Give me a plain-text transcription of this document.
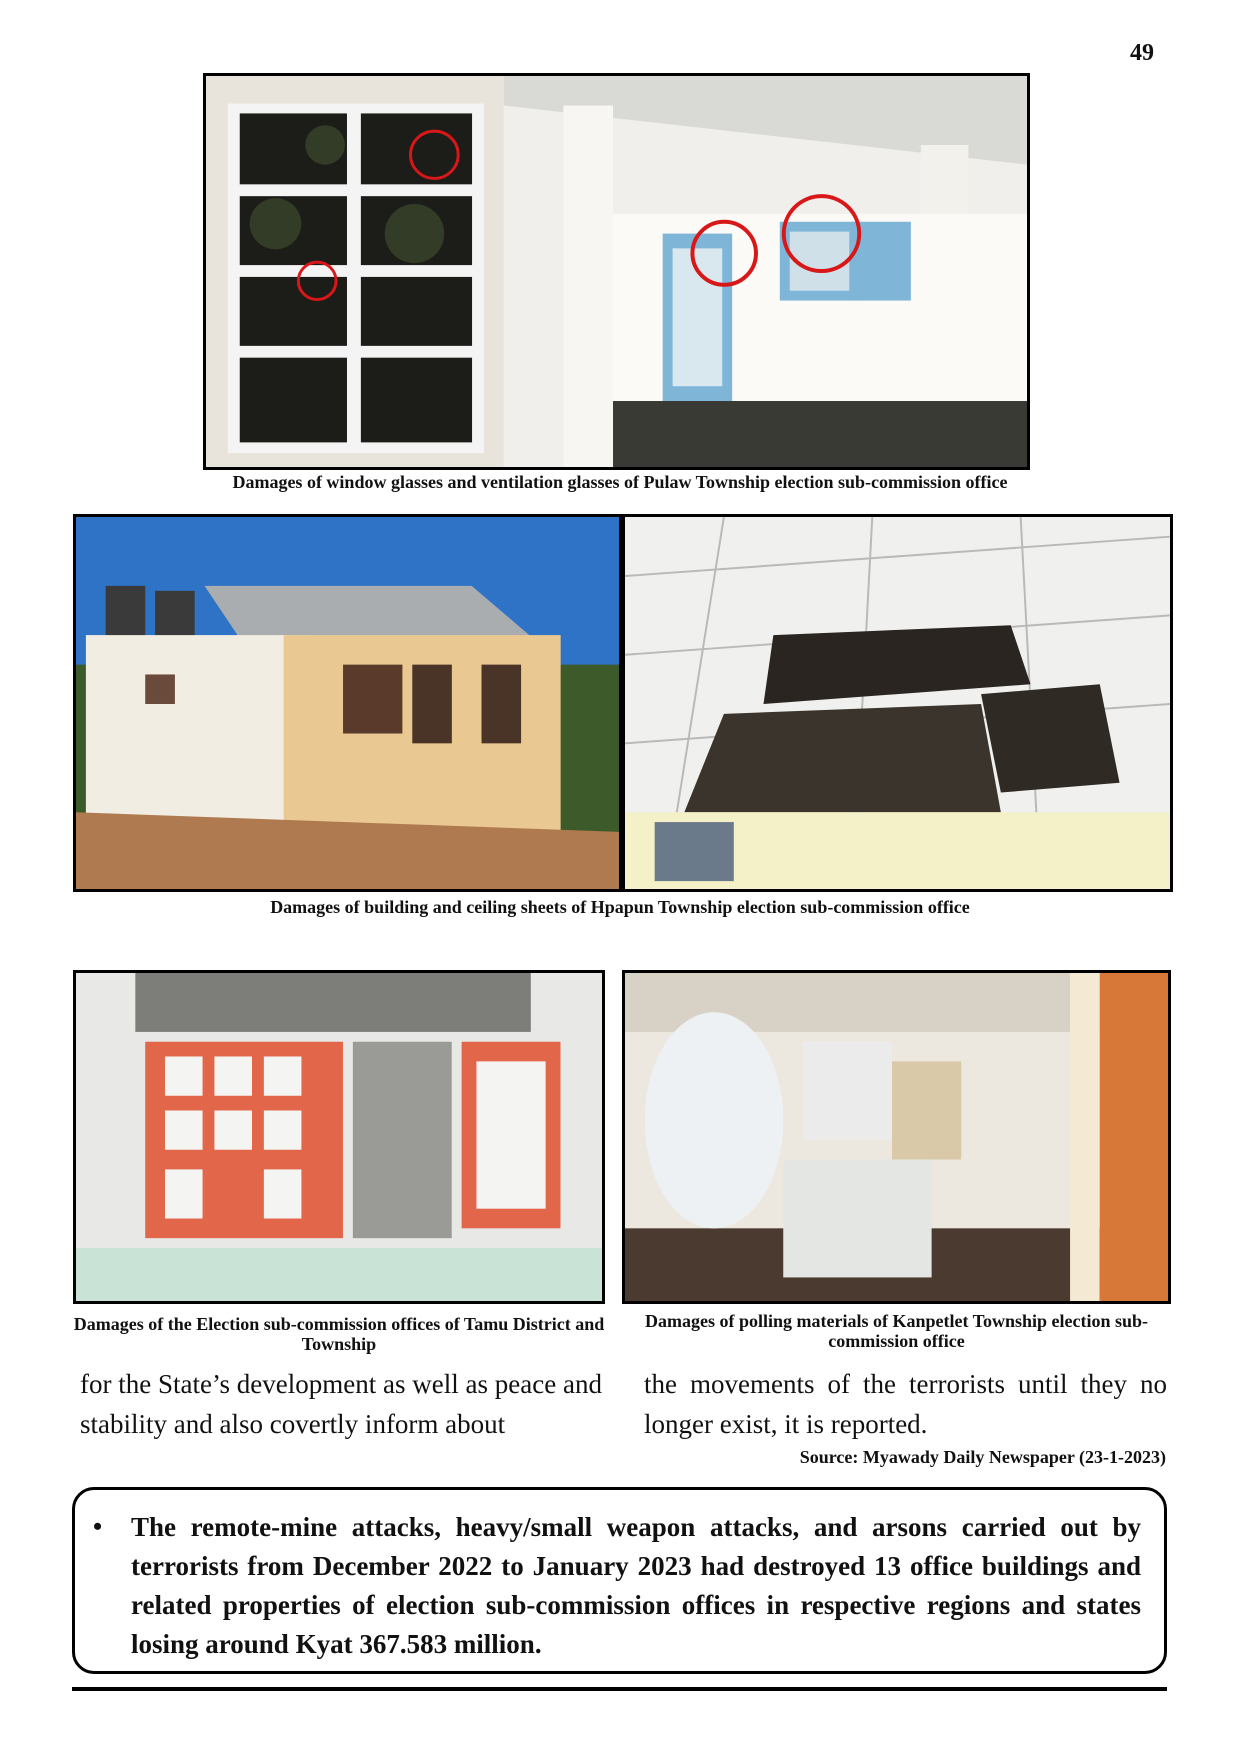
49
Damages of window glasses and ventilation glasses of Pulaw Township election sub-commission office
Damages of building and ceiling sheets of Hpapun Township election sub-commission office
Damages of the Election sub-commission offices of Tamu District and Township
Damages of polling materials of Kanpetlet Township election sub-commission office
for the State’s development as well as peace and stability and also covertly inform about
the movements of the terrorists until they no longer exist, it is reported.
Source: Myawady Daily Newspaper (23-1-2023)
• The remote-mine attacks, heavy/small weapon attacks, and arsons carried out by terrorists from December 2022 to January 2023 had destroyed 13 office buildings and related properties of election sub-commission offices in respective regions and states losing around Kyat 367.583 million.
